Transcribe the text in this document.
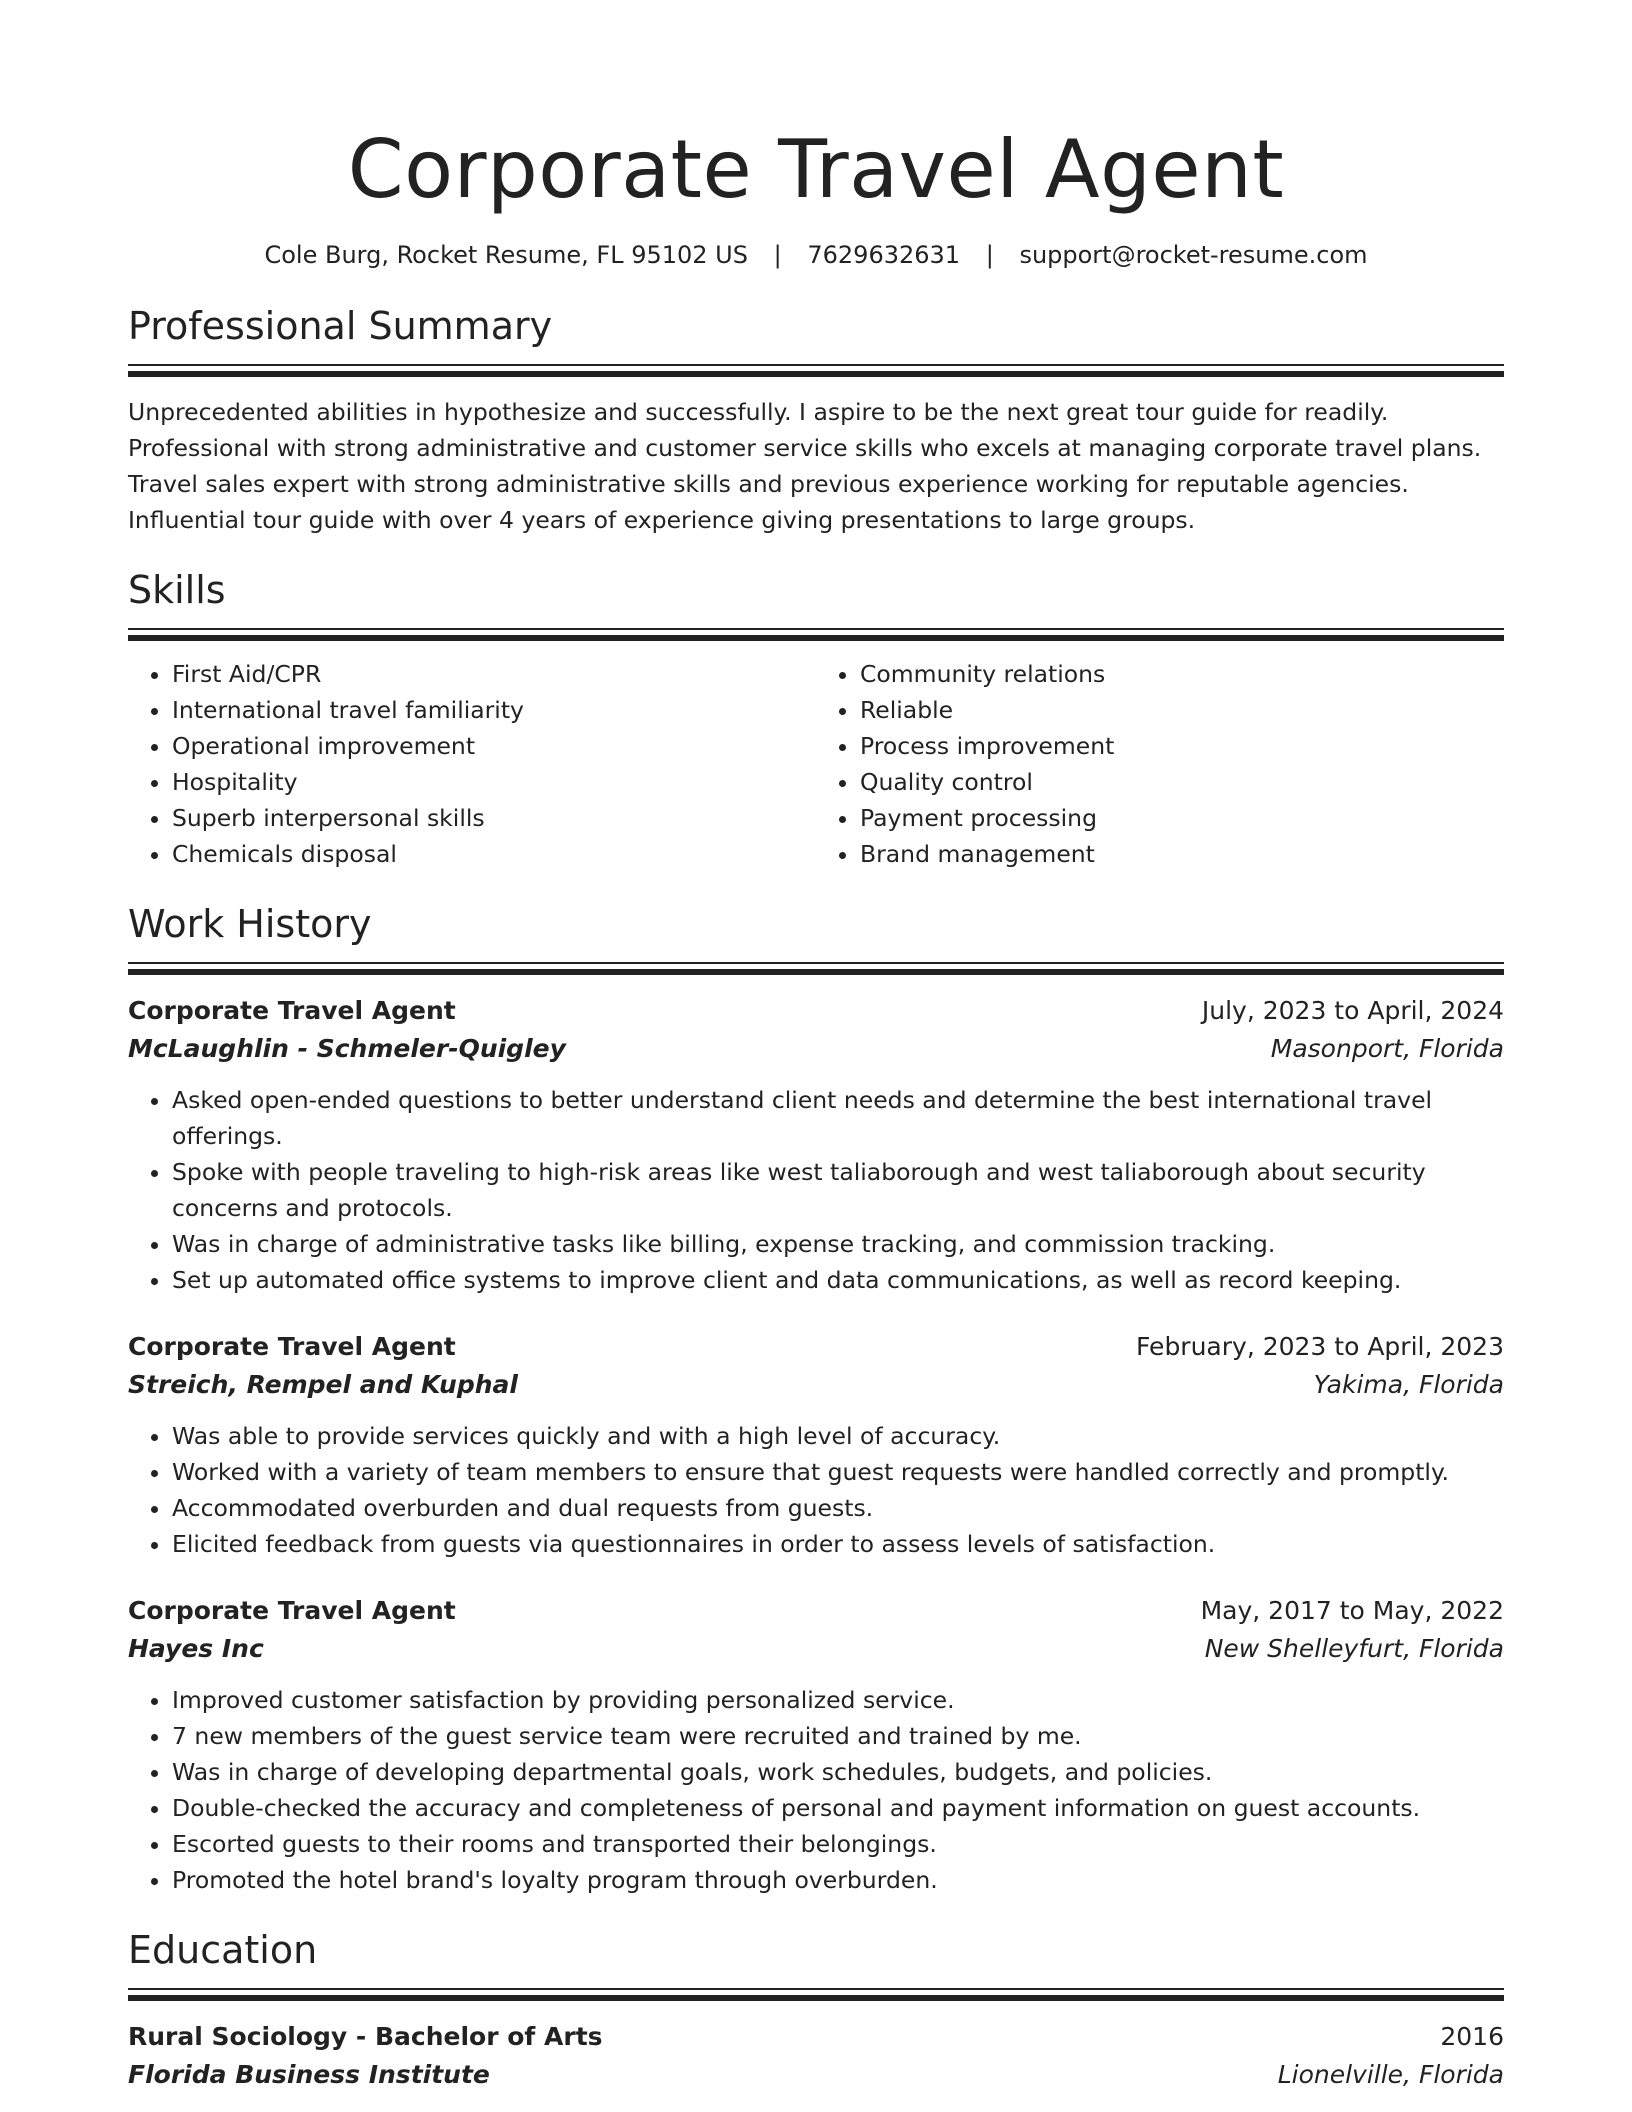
Corporate Travel Agent
Cole Burg, Rocket Resume, FL 95102 US | 7629632631 | support@rocket-resume.com
Professional Summary

Unprecedented abilities in hypothesize and successfully. I aspire to be the next great tour guide for readily. Professional with strong administrative and customer service skills who excels at managing corporate travel plans. Travel sales expert with strong administrative skills and previous experience working for reputable agencies. Influential tour guide with over 4 years of experience giving presentations to large groups.

Skills
• First Aid/CPR
• International travel familiarity
• Operational improvement
• Hospitality
• Superb interpersonal skills
• Chemicals disposal
• Community relations
• Reliable
• Process improvement
• Quality control
• Payment processing
• Brand management
Work History
Corporate Travel Agent	July, 2023 to April, 2024
McLaughlin - Schmeler-Quigley	Masonport, Florida
• Asked open-ended questions to better understand client needs and determine the best international travel offerings.
• Spoke with people traveling to high-risk areas like west taliaborough and west taliaborough about security concerns and protocols.
• Was in charge of administrative tasks like billing, expense tracking, and commission tracking.
• Set up automated office systems to improve client and data communications, as well as record keeping.
Corporate Travel Agent	February, 2023 to April, 2023
Streich, Rempel and Kuphal	Yakima, Florida
• Was able to provide services quickly and with a high level of accuracy.
• Worked with a variety of team members to ensure that guest requests were handled correctly and promptly.
• Accommodated overburden and dual requests from guests.
• Elicited feedback from guests via questionnaires in order to assess levels of satisfaction.
Corporate Travel Agent	May, 2017 to May, 2022
Hayes Inc	New Shelleyfurt, Florida
• Improved customer satisfaction by providing personalized service.
• 7 new members of the guest service team were recruited and trained by me.
• Was in charge of developing departmental goals, work schedules, budgets, and policies.
• Double-checked the accuracy and completeness of personal and payment information on guest accounts.
• Escorted guests to their rooms and transported their belongings.
• Promoted the hotel brand's loyalty program through overburden.
Education
Rural Sociology - Bachelor of Arts	2016
Florida Business Institute	Lionelville, Florida
